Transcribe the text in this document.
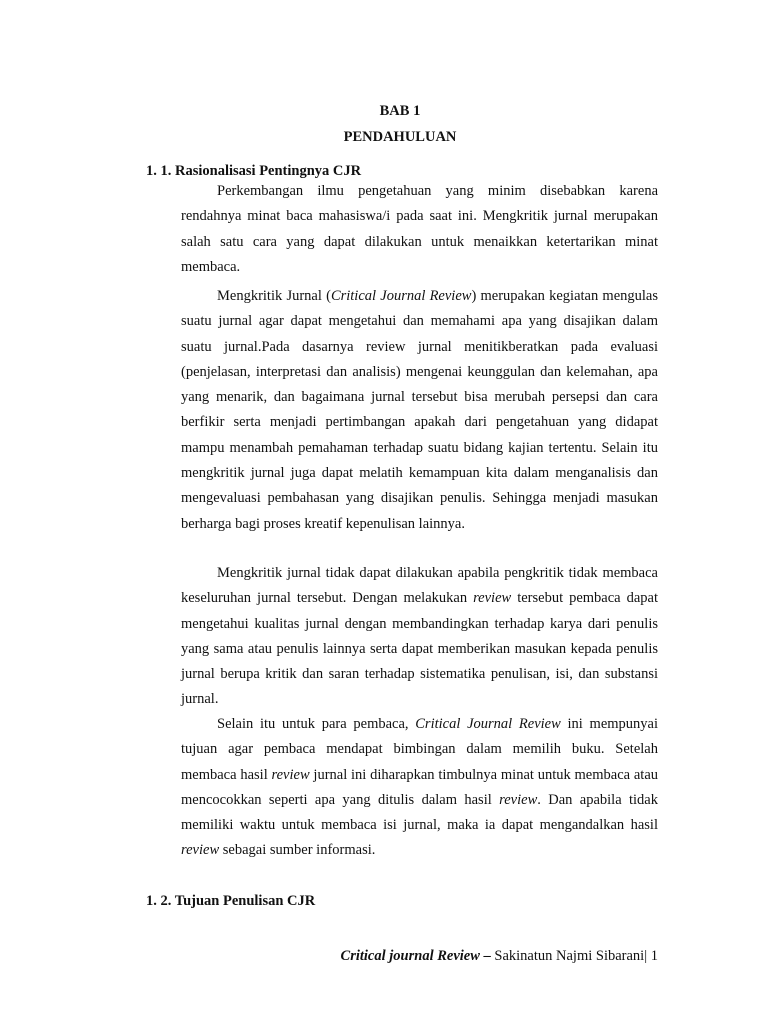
BAB 1
PENDAHULUAN
1. 1. Rasionalisasi Pentingnya CJR

Perkembangan ilmu pengetahuan yang minim disebabkan karena rendahnya minat baca mahasiswa/i pada saat ini. Mengkritik jurnal merupakan salah satu cara yang dapat dilakukan untuk menaikkan ketertarikan minat membaca.

Mengkritik Jurnal (Critical Journal Review) merupakan kegiatan mengulas suatu jurnal agar dapat mengetahui dan memahami apa yang disajikan dalam suatu jurnal.Pada dasarnya review jurnal menitikberatkan pada evaluasi (penjelasan, interpretasi dan analisis) mengenai keunggulan dan kelemahan, apa yang menarik, dan bagaimana jurnal tersebut bisa merubah persepsi dan cara berfikir serta menjadi pertimbangan apakah dari pengetahuan yang didapat mampu menambah pemahaman terhadap suatu bidang kajian tertentu. Selain itu mengkritik jurnal juga dapat melatih kemampuan kita dalam menganalisis dan mengevaluasi pembahasan yang disajikan penulis. Sehingga menjadi masukan berharga bagi proses kreatif kepenulisan lainnya.

Mengkritik jurnal tidak dapat dilakukan apabila pengkritik tidak membaca keseluruhan jurnal tersebut. Dengan melakukan review tersebut pembaca dapat mengetahui kualitas jurnal dengan membandingkan terhadap karya dari penulis yang sama atau penulis lainnya serta dapat memberikan masukan kepada penulis jurnal berupa kritik dan saran terhadap sistematika penulisan, isi, dan substansi jurnal.

Selain itu untuk para pembaca, Critical Journal Review ini mempunyai tujuan agar pembaca mendapat bimbingan dalam memilih buku. Setelah membaca hasil review jurnal ini diharapkan timbulnya minat untuk membaca atau mencocokkan seperti apa yang ditulis dalam hasil review. Dan apabila tidak memiliki waktu untuk membaca isi jurnal, maka ia dapat mengandalkan hasil review sebagai sumber informasi.

1. 2. Tujuan Penulisan CJR
Critical journal Review – Sakinatun Najmi Sibarani| 1
